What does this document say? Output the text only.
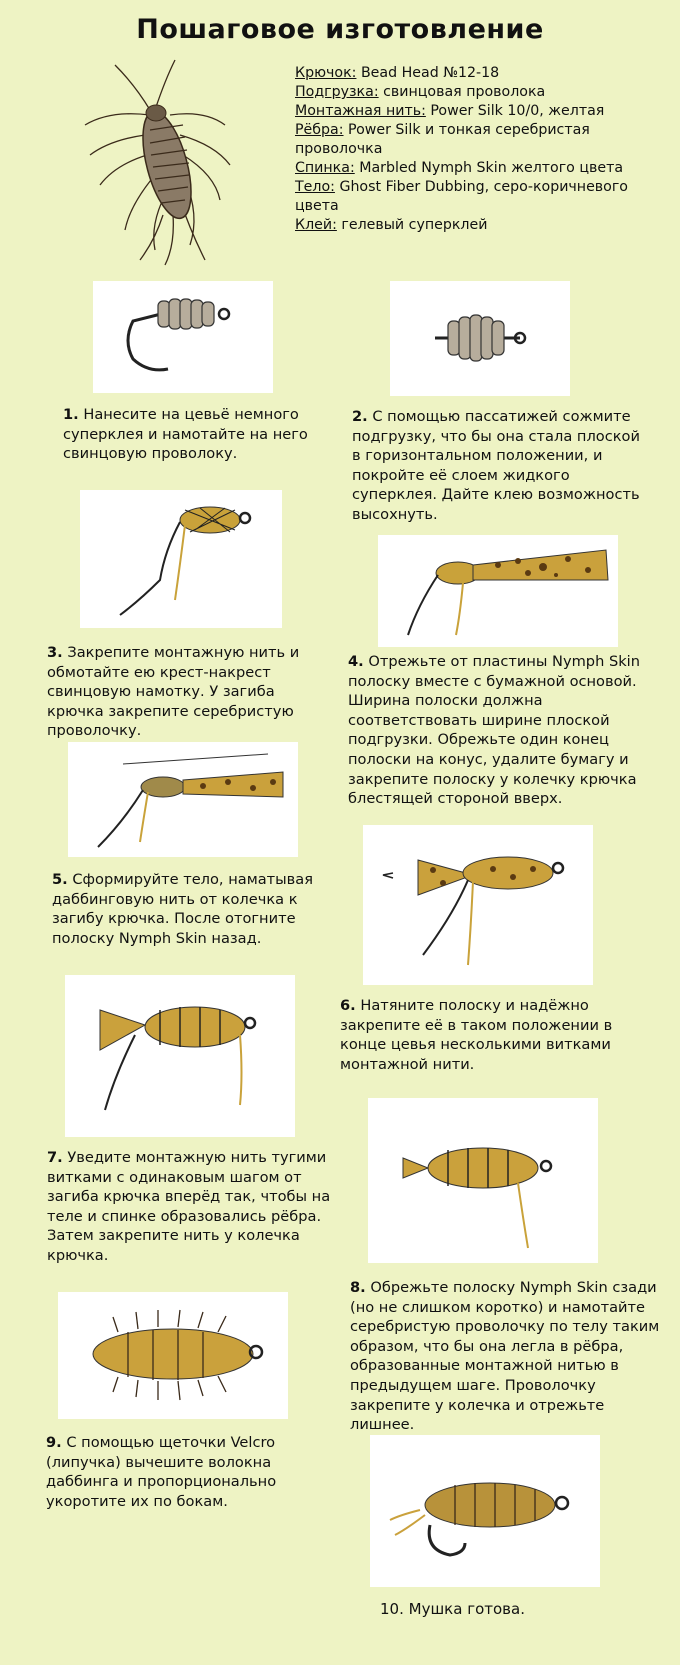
Пошаговое изготовление
Крючок: Bead Head №12-18
Подгрузка: свинцовая проволока
Монтажная нить: Power Silk 10/0, желтая
Рёбра: Power Silk и тонкая серебристая проволочка
Спинка: Marbled Nymph Skin желтого цвета
Тело: Ghost Fiber Dubbing, серо-коричневого цвета
Клей: гелевый суперклей
1. Нанесите на цевьё немного суперклея и намотайте на него свинцовую проволоку.
2. С помощью пассатижей сожмите подгрузку, что бы она стала плоской в горизонтальном положении, и покройте её слоем жидкого суперклея. Дайте клею возможность высохнуть.
3. Закрепите монтажную нить и обмотайте ею крест-накрест свинцовую намотку. У загиба крючка закрепите серебристую проволочку.
4. Отрежьте от пластины Nymph Skin полоску вместе с бумажной основой. Ширина полоски должна соответствовать ширине плоской подгрузки. Обрежьте один конец полоски на конус, удалите бумагу и закрепите полоску у колечку крючка блестящей стороной вверх.
5. Сформируйте тело, наматывая даббинговую нить от колечка к загибу крючка. После отогните полоску Nymph Skin назад.
6. Натяните полоску и надёжно закрепите её в таком положении в конце цевья несколькими витками монтажной нити.
7. Уведите монтажную нить тугими витками с одинаковым шагом от загиба крючка вперёд так, чтобы на теле и спинке образовались рёбра. Затем закрепите нить у колечка крючка.
8. Обрежьте полоску Nymph Skin сзади (но не слишком коротко) и намотайте серебристую проволочку по телу таким образом, что бы она легла в рёбра, образованные монтажной нитью в предыдущем шаге. Проволочку закрепите у колечка и отрежьте лишнее.
9. С помощью щеточки Velcro (липучка) вычешите волокна даббинга и пропорционально укоротите их по бокам.
10. Мушка готова.
